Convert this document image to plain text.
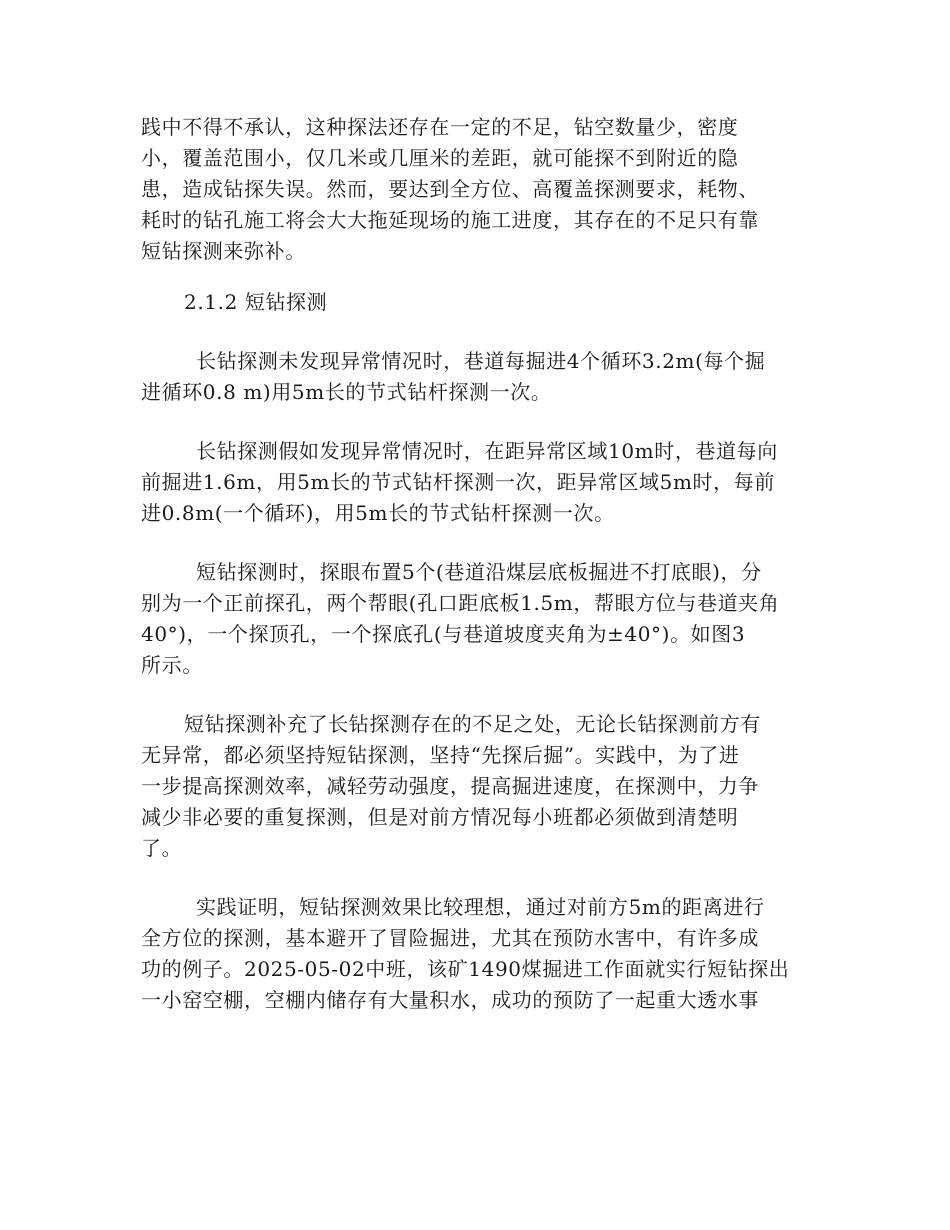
践中不得不承认，这种探法还存在一定的不足，钻空数量少，密度
小，覆盖范围小，仅几米或几厘米的差距，就可能探不到附近的隐
患，造成钻探失误。然而，要达到全方位、高覆盖探测要求，耗物、
耗时的钻孔施工将会大大拖延现场的施工进度，其存在的不足只有靠
短钻探测来弥补。
2.1.2 短钻探测
长钻探测未发现异常情况时，巷道每掘进4个循环3.2m(每个掘
进循环0.8 m)用5m长的节式钻杆探测一次。
长钻探测假如发现异常情况时，在距异常区域10m时，巷道每向
前掘进1.6m，用5m长的节式钻杆探测一次，距异常区域5m时，每前
进0.8m(一个循环)，用5m长的节式钻杆探测一次。
短钻探测时，探眼布置5个(巷道沿煤层底板掘进不打底眼)，分
别为一个正前探孔，两个帮眼(孔口距底板1.5m，帮眼方位与巷道夹角
40°)，一个探顶孔，一个探底孔(与巷道坡度夹角为±40°)。如图3
所示。
短钻探测补充了长钻探测存在的不足之处，无论长钻探测前方有
无异常，都必须坚持短钻探测，坚持“先探后掘”。实践中，为了进
一步提高探测效率，减轻劳动强度，提高掘进速度，在探测中，力争
减少非必要的重复探测，但是对前方情况每小班都必须做到清楚明
了。
实践证明，短钻探测效果比较理想，通过对前方5m的距离进行
全方位的探测，基本避开了冒险掘进，尤其在预防水害中，有许多成
功的例子。2025-05-02中班，该矿1490煤掘进工作面就实行短钻探出
一小窑空棚，空棚内储存有大量积水，成功的预防了一起重大透水事
